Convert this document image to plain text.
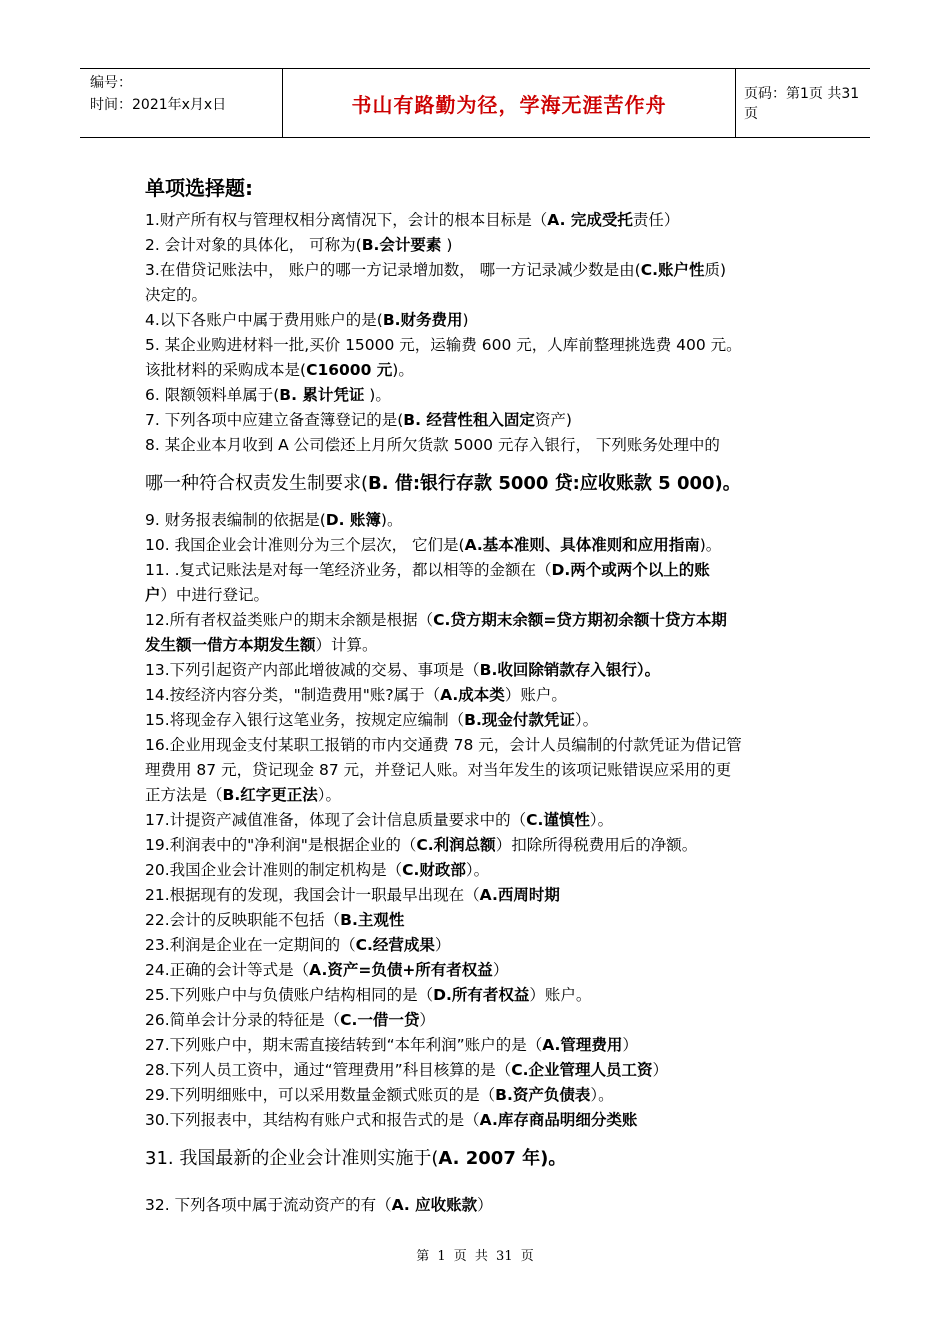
编号：
时间：2021年x月x日	书山有路勤为径，学海无涯苦作舟	页码：第1页 共31页
单项选择题:
1.财产所有权与管理权相分离情况下，会计的根本目标是（A. 完成受托责任）
2. 会计对象的具体化， 可称为(B.会计要素 )
3.在借贷记账法中， 账户的哪一方记录增加数， 哪一方记录减少数是由(C.账户性质)
决定的。
4.以下各账户中属于费用账户的是(B.财务费用)
5. 某企业购进材料一批,买价 15000 元，运输费 600 元，人库前整理挑选费 400 元。
该批材料的采购成本是(C16000 元)。
6. 限额领料单属于(B. 累计凭证 )。
7. 下列各项中应建立备查簿登记的是(B. 经营性租入固定资产)
8. 某企业本月收到 A 公司偿还上月所欠货款 5000 元存入银行， 下列账务处理中的
哪一种符合权责发生制要求(B. 借:银行存款 5000 贷:应收账款 5 000)。
9. 财务报表编制的依据是(D. 账簿)。
10. 我国企业会计准则分为三个层次， 它们是(A.基本准则、具体准则和应用指南)。
11. .复式记账法是对每一笔经济业务，都以相等的金额在（D.两个或两个以上的账
户）中进行登记。
12.所有者权益类账户的期末余额是根据（C.贷方期末余额=贷方期初余额十贷方本期
发生额一借方本期发生额）计算。
13.下列引起资产内部此增彼减的交易、事项是（B.收回除销款存入银行）。
14.按经济内容分类，"制造费用"账?属于（A.成本类）账户。
15.将现金存入银行这笔业务，按规定应编制（B.现金付款凭证）。
16.企业用现金支付某职工报销的市内交通费 78 元，会计人员编制的付款凭证为借记管
理费用 87 元，贷记现金 87 元，并登记人账。对当年发生的该项记账错误应采用的更
正方法是（B.红字更正法）。
17.计提资产减值准备，体现了会计信息质量要求中的（C.谨慎性）。
19.利润表中的"净利润"是根据企业的（C.利润总额）扣除所得税费用后的净额。
20.我国企业会计准则的制定机构是（C.财政部）。
21.根据现有的发现，我国会计一职最早出现在（A.西周时期
22.会计的反映职能不包括（B.主观性
23.利润是企业在一定期间的（C.经营成果）
24.正确的会计等式是（A.资产=负债+所有者权益）
25.下列账户中与负债账户结构相同的是（D.所有者权益）账户。
26.简单会计分录的特征是（C.一借一贷）
27.下列账户中，期末需直接结转到“本年利润”账户的是（A.管理费用）
28.下列人员工资中，通过“管理费用”科目核算的是（C.企业管理人员工资）
29.下列明细账中，可以采用数量金额式账页的是（B.资产负债表）。
30.下列报表中，其结构有账户式和报告式的是（A.库存商品明细分类账
31. 我国最新的企业会计准则实施于(A. 2007 年)。
32. 下列各项中属于流动资产的有（A. 应收账款）
第 1 页 共 31 页
